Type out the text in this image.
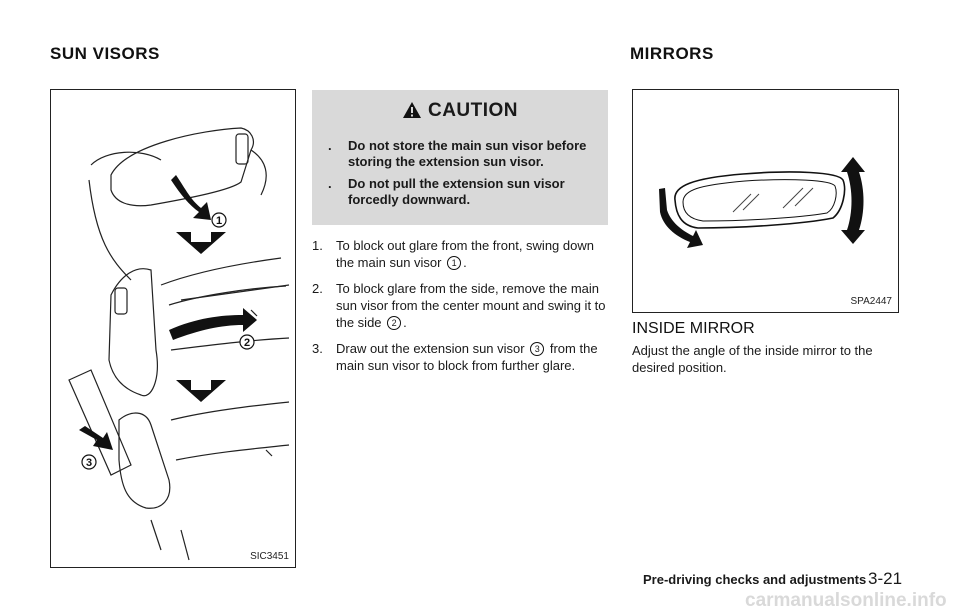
SUN VISORS	MIRRORS
1
2
3
SIC3451
CAUTION
. Do not store the main sun visor before storing the extension sun visor.
. Do not pull the extension sun visor forcedly downward.
1. To block out glare from the front, swing down the main sun visor 1 .
2. To block glare from the side, remove the main sun visor from the center mount and swing it to the side 2 .
3. Draw out the extension sun visor 3 from the main sun visor to block from further glare.
SPA2447
INSIDE MIRROR
Adjust the angle of the inside mirror to the desired position.
Pre-driving checks and adjustments 3-21
carmanualsonline.info
